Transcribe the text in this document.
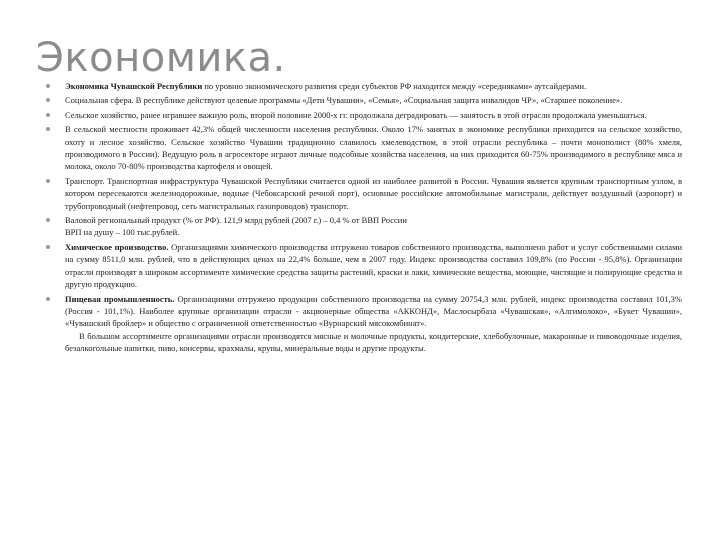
Экономика.
Экономика Чувашской Республики по уровню экономического развития среди субъектов РФ находится между «середняками» аутсайдерами.
Социальная сфера. В республике действуют целевые программы «Дети Чувашии», «Семья», «Социальная защита инвалидов ЧР», «Старшее поколение».
Сельское хозяйство, ранее игравшее важную роль, второй половине 2000-х гг. продолжала деградировать — занятость в этой отрасли продолжала уменьшаться.
В сельской местности проживает 42,3% общей численности населения республики. Около 17% занятых в экономике республики приходится на сельское хозяйство, охоту и лесное хозяйство. Сельское хозяйство Чувашии традиционно славилось хмелеводством, в этой отрасли республика – почти монополист (80% хмеля, производимого в России). Ведущую роль в агросекторе играют личные подсобные хозяйства населения, на них приходится 60-75% производимого в республике мяса и молока, около 70-80% производства картофеля и овощей.
Транспорт. Транспортная инфраструктура Чувашской Республики считается одной из наиболее развитой в России. Чувашия является крупным транспортным узлом, в котором пересекаются железнодорожные, водные (Чебоксарский речной порт), основные российские автомобильные магистрали, действует воздушный (аэропорт) и трубопроводный (нефтепровод, сеть магистральных газопроводов) транспорт.
Валовой региональный продукт (% от РФ). 121,9 млрд рублей (2007 г.) – 0,4 % от ВВП России
ВРП на душу – 100 тыс.рублей.
Химическое производство. Организациями химического производства отгружено товаров собственного производства, выполнено работ и услуг собственными силами на сумму 8511,0 млн. рублей, что в действующих ценах на 22,4% больше, чем в 2007 году. Индекс производства составил 109,8% (по России - 95,8%). Организации отрасли производят в широком ассортименте химические средства защиты растений, краски и лаки, химические вещества, моющие, чистящие и полирующие средства и другую продукцию.
Пищевая промышленность. Организациями отгружено продукции собственного производства на сумму 20754,3 млн. рублей, индекс производства составил 101,3% (Россия - 101,1%). Наиболее крупные организации отрасли - акционерные общества «АККОНД», Маслосырбаза «Чувашская», «Алгимолоко», «Букет Чувашии», «Чувашский бройлер» и общество с ограниченной ответственностью «Вурнарский мясокомбинат».
В большом ассортименте организациями отрасли производятся мясные и молочные продукты, кондитерские, хлебобулочные, макаронные и пивоводочные изделия, безалкогольные напитки, пиво, консервы, крахмалы, крупы, минеральные воды и другие продукты.
